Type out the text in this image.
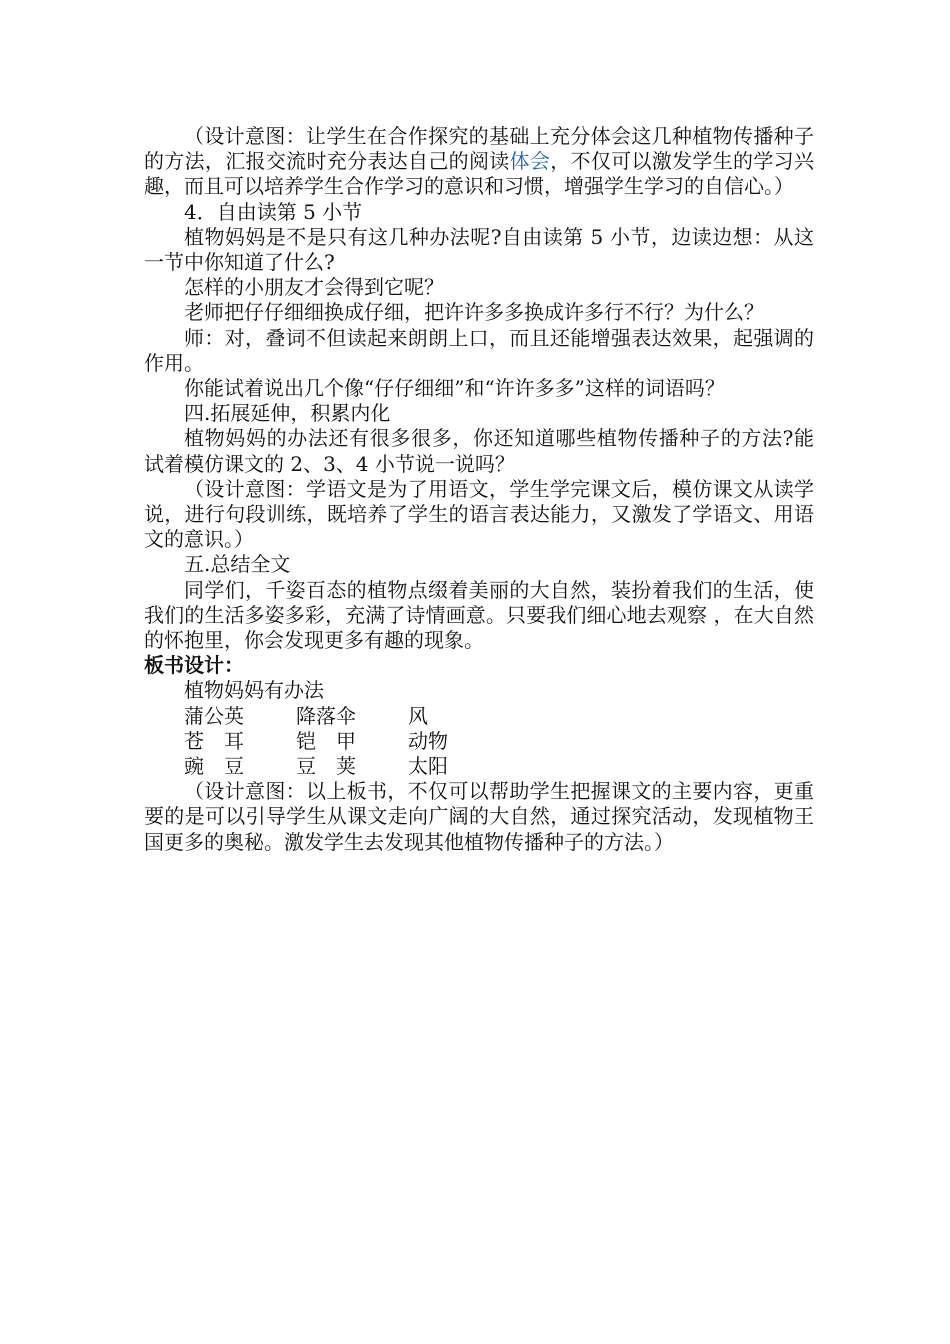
（设计意图：让学生在合作探究的基础上充分体会这几种植物传播种子的方法，汇报交流时充分表达自己的阅读体会，不仅可以激发学生的学习兴趣，而且可以培养学生合作学习的意识和习惯，增强学生学习的自信心。）

4．自由读第 5 小节

植物妈妈是不是只有这几种办法呢?自由读第 5 小节，边读边想：从这一节中你知道了什么?

怎样的小朋友才会得到它呢？

老师把仔仔细细换成仔细，把许许多多换成许多行不行？为什么？

师：对，叠词不但读起来朗朗上口，而且还能增强表达效果，起强调的作用。

你能试着说出几个像“仔仔细细”和“许许多多”这样的词语吗？

四.拓展延伸，积累内化

植物妈妈的办法还有很多很多，你还知道哪些植物传播种子的方法?能试着模仿课文的 2、3、4 小节说一说吗？

（设计意图：学语文是为了用语文，学生学完课文后，模仿课文从读学说，进行句段训练，既培养了学生的语言表达能力，又激发了学语文、用语文的意识。）

五.总结全文

同学们，千姿百态的植物点缀着美丽的大自然，装扮着我们的生活，使我们的生活多姿多彩，充满了诗情画意。只要我们细心地去观察 ，在大自然的怀抱里，你会发现更多有趣的现象。

板书设计：

植物妈妈有办法

蒲公英	降落伞	风
苍　耳	铠　甲	动物
豌　豆	豆　荚	太阳

（设计意图：以上板书，不仅可以帮助学生把握课文的主要内容，更重要的是可以引导学生从课文走向广阔的大自然，通过探究活动，发现植物王国更多的奥秘。激发学生去发现其他植物传播种子的方法。）
